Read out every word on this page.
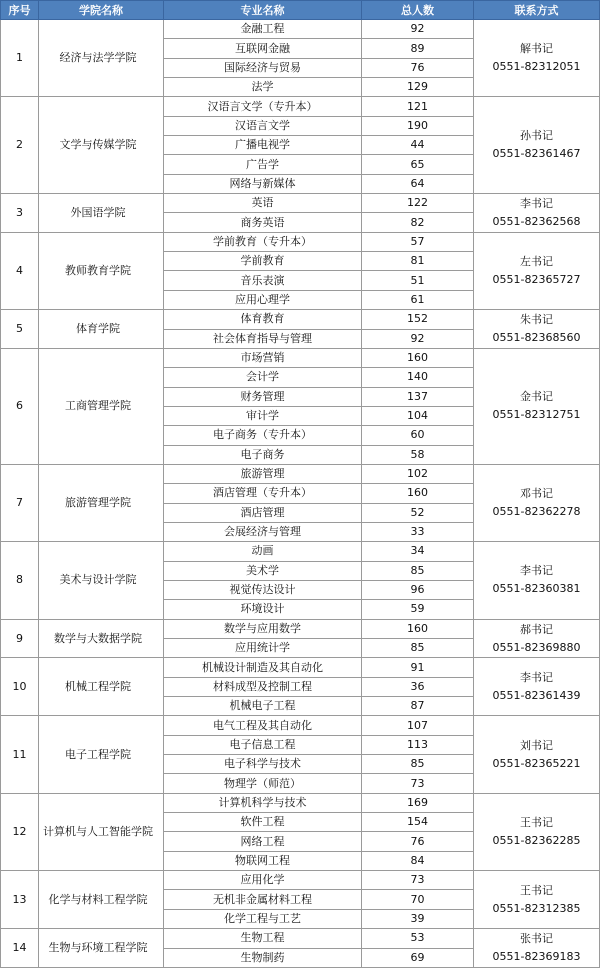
序号	学院名称	专业名称	总人数	联系方式
1	经济与法学学院	金融工程	92	解书记
0551-82312051

		互联网金融	89	
		国际经济与贸易	76	
		法学	129	
2	文学与传媒学院	汉语言文学（专升本）	121	孙书记
0551-82361467

		汉语言文学	190	
		广播电视学	44	
		广告学	65	
		网络与新媒体	64	
3	外国语学院	英语	122	李书记
0551-82362568

		商务英语	82	
4	教师教育学院	学前教育（专升本）	57	左书记
0551-82365727

		学前教育	81	
		音乐表演	51	
		应用心理学	61	
5	体育学院	体育教育	152	朱书记
0551-82368560

		社会体育指导与管理	92	
6	工商管理学院	市场营销	160	金书记
0551-82312751

		会计学	140	
		财务管理	137	
		审计学	104	
		电子商务（专升本）	60	
		电子商务	58	
7	旅游管理学院	旅游管理	102	邓书记
0551-82362278

		酒店管理（专升本）	160	
		酒店管理	52	
		会展经济与管理	33	
8	美术与设计学院	动画	34	李书记
0551-82360381

		美术学	85	
		视觉传达设计	96	
		环境设计	59	
9	数学与大数据学院	数学与应用数学	160	郝书记
0551-82369880

		应用统计学	85	
10	机械工程学院	机械设计制造及其自动化	91	李书记
0551-82361439

		材料成型及控制工程	36	
		机械电子工程	87	
11	电子工程学院	电气工程及其自动化	107	刘书记
0551-82365221

		电子信息工程	113	
		电子科学与技术	85	
		物理学（师范）	73	
12	计算机与人工智能学院	计算机科学与技术	169	王书记
0551-82362285

		软件工程	154	
		网络工程	76	
		物联网工程	84	
13	化学与材料工程学院	应用化学	73	王书记
0551-82312385

		无机非金属材料工程	70	
		化学工程与工艺	39	
14	生物与环境工程学院	生物工程	53	张书记
0551-82369183

		生物制药	69	
